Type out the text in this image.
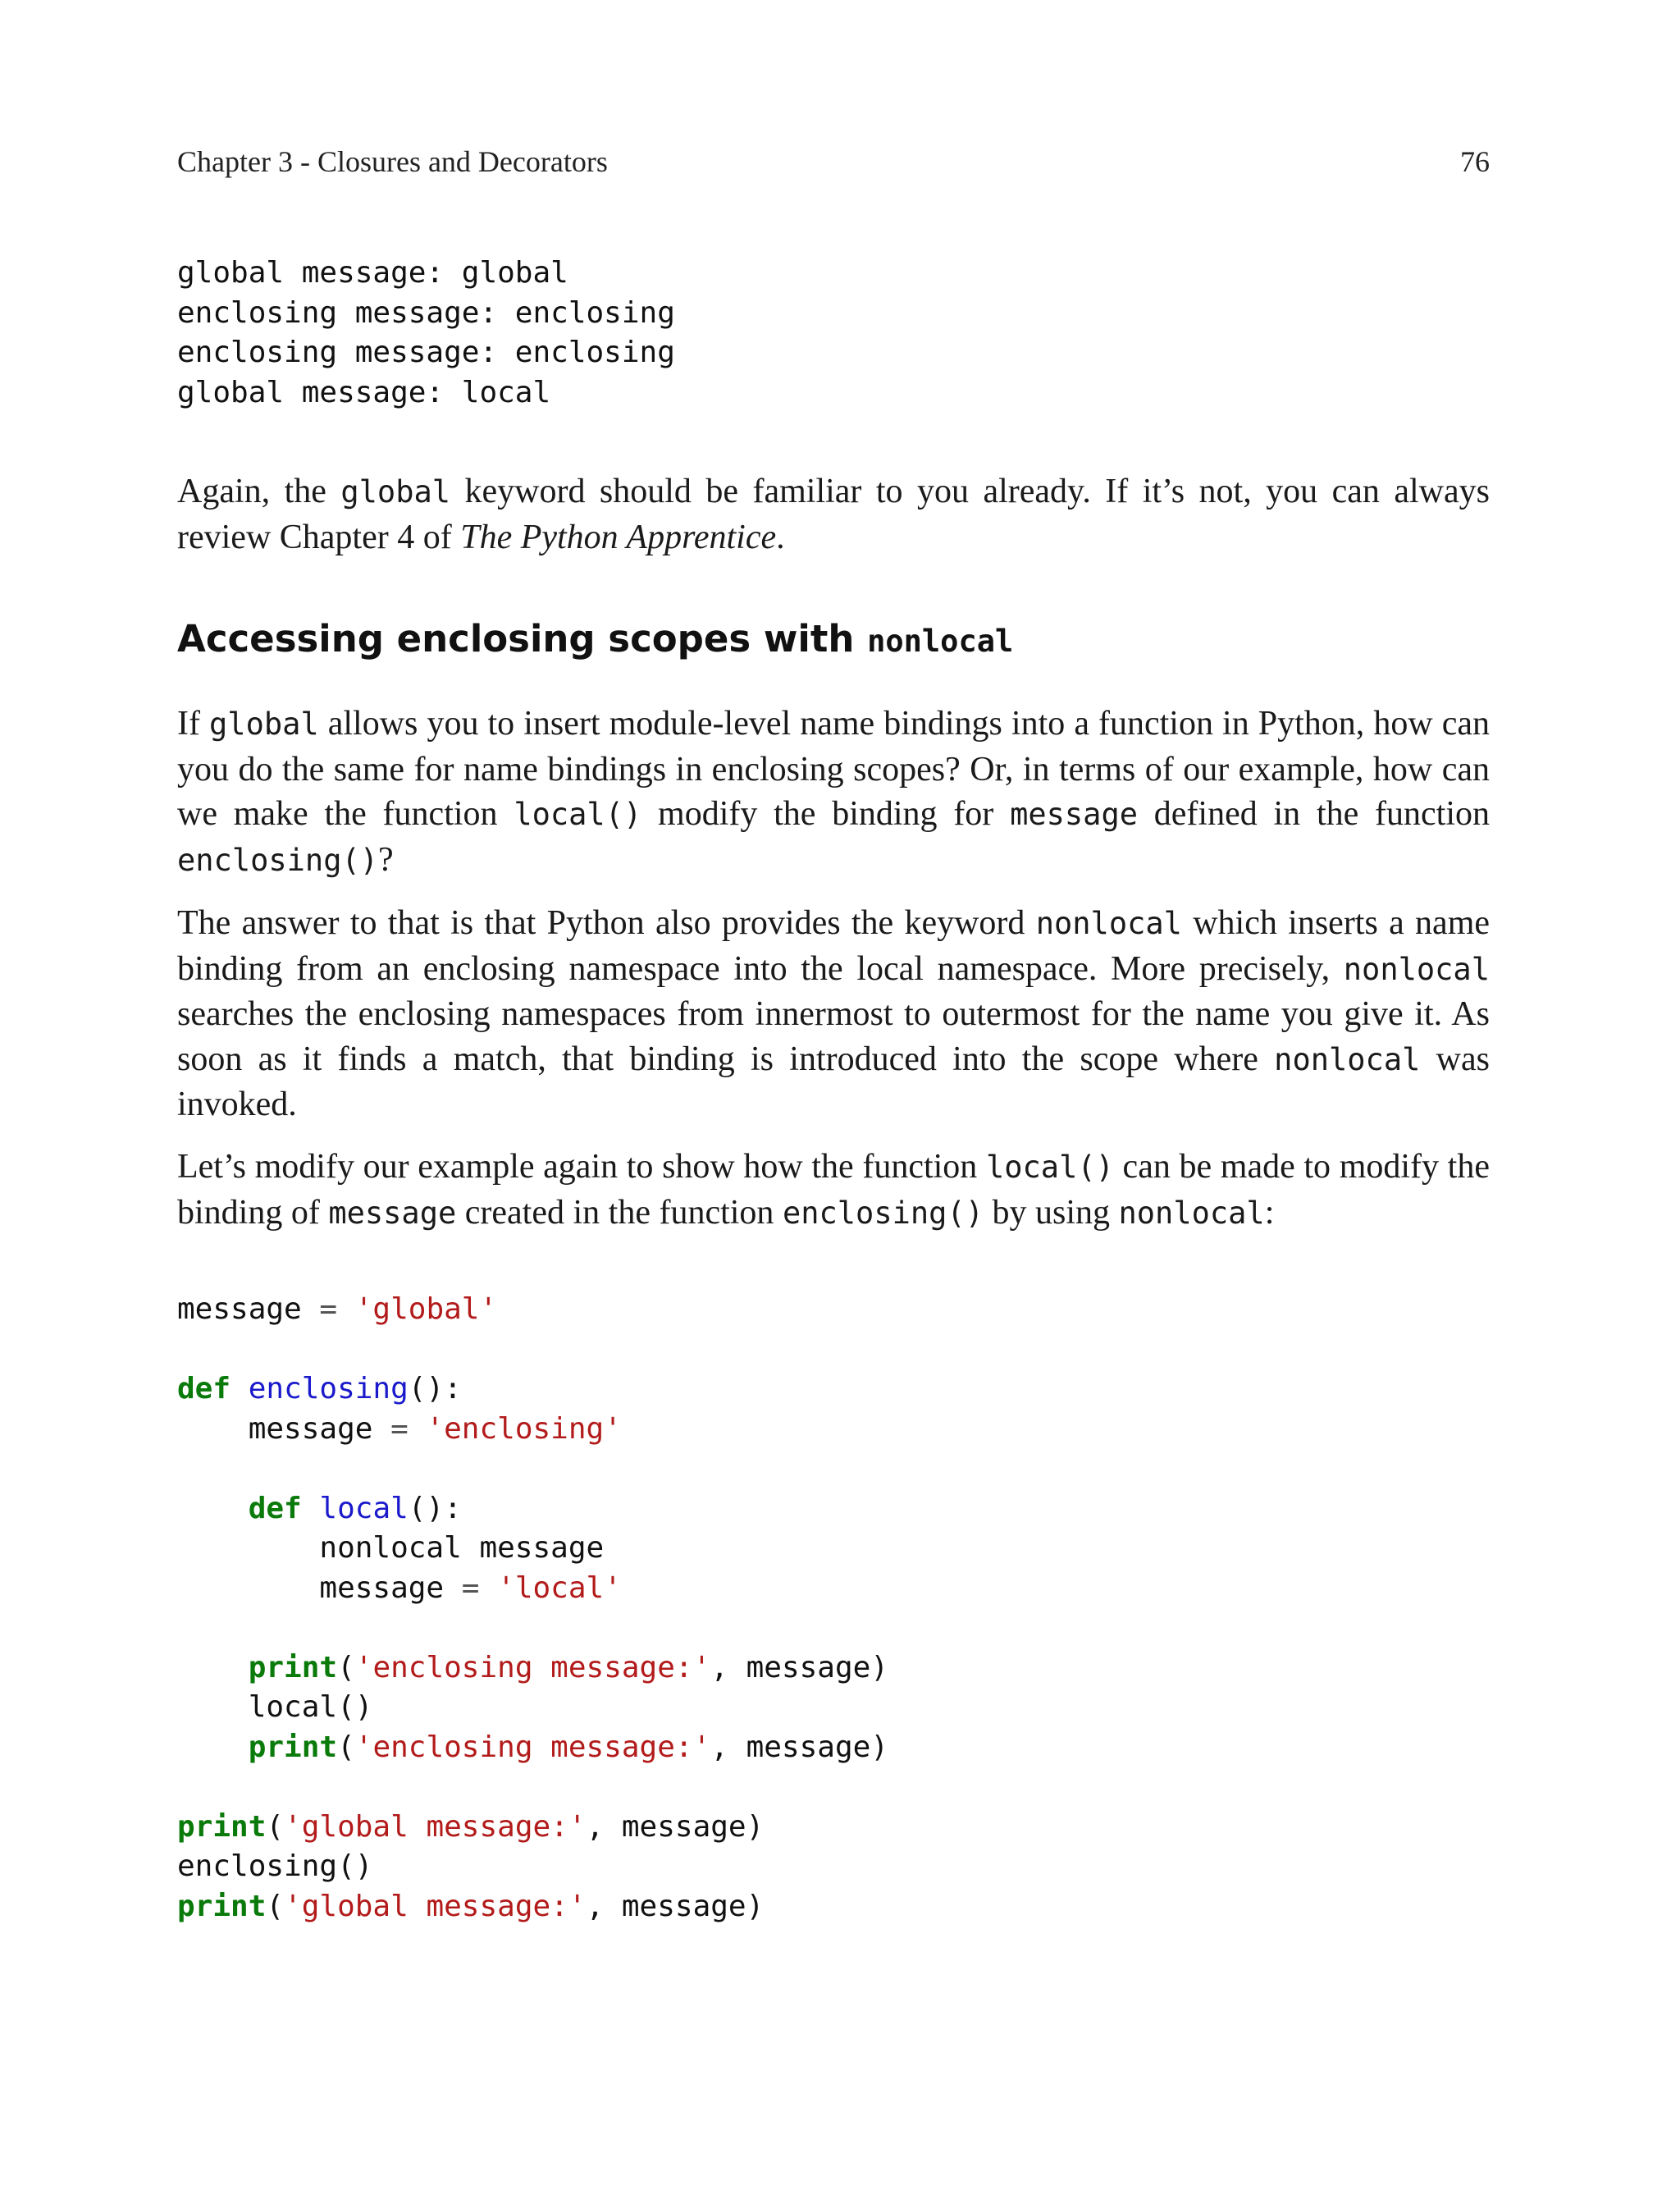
Chapter 3 - Closures and Decorators	76
global message: global
enclosing message: enclosing
enclosing message: enclosing
global message: local

Again, the global keyword should be familiar to you already. If it’s not, you can always review Chapter 4 of The Python Apprentice.

Accessing enclosing scopes with nonlocal

If global allows you to insert module-level name bindings into a function in Python, how can you do the same for name bindings in enclosing scopes? Or, in terms of our example, how can we make the function local() modify the binding for message defined in the function enclosing()?

The answer to that is that Python also provides the keyword nonlocal which inserts a name binding from an enclosing namespace into the local namespace. More precisely, nonlocal searches the enclosing namespaces from innermost to outermost for the name you give it. As soon as it finds a match, that binding is introduced into the scope where nonlocal was invoked.

Let’s modify our example again to show how the function local() can be made to modify the binding of message created in the function enclosing() by using nonlocal:

message = 'global'

def enclosing():
message = 'enclosing'

def local():
nonlocal message
message = 'local'

print('enclosing message:', message)
local()
print('enclosing message:', message)

print('global message:', message)
enclosing()
print('global message:', message)
